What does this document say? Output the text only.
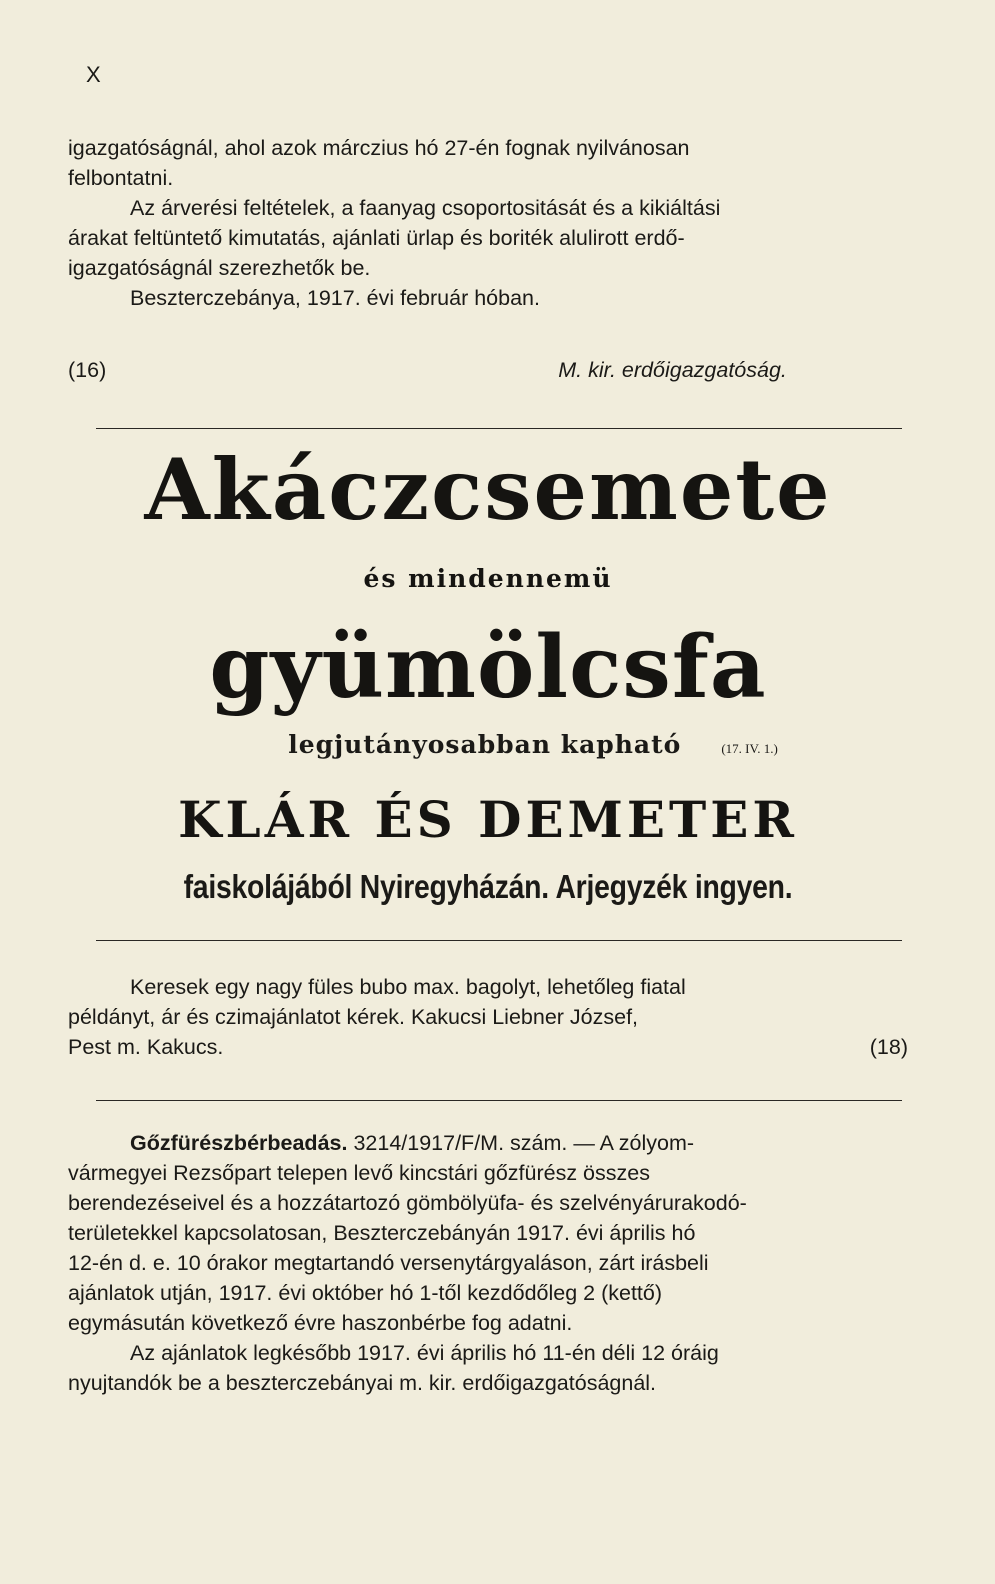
X
igazgatóságnál, ahol azok márczius hó 27-én fognak nyilvánosan
felbontatni.
Az árverési feltételek, a faanyag csoportositását és a kikiáltási
árakat feltüntető kimutatás, ajánlati ürlap és boriték alulirott erdő-
igazgatóságnál szerezhetők be.
Beszterczebánya, 1917. évi február hóban.
(16)	M. kir. erdőigazgatóság.
Akáczcsemete
és mindennemü
gyümölcsfa
legjutányosabban kapható	(17. IV. 1.)
KLÁR ÉS DEMETER
faiskolájából Nyiregyházán. Arjegyzék ingyen.
Keresek egy nagy füles bubo max. bagolyt, lehetőleg fiatal
példányt, ár és czimajánlatot kérek. Kakucsi Liebner József,
Pest m. Kakucs.	(18)
Gőzfürészbérbeadás. 3214/1917/F/M. szám. — A zólyom-
vármegyei Rezsőpart telepen levő kincstári gőzfürész összes
berendezéseivel és a hozzátartozó gömbölyüfa- és szelvényárurakodó-
területekkel kapcsolatosan, Beszterczebányán 1917. évi április hó
12-én d. e. 10 órakor megtartandó versenytárgyaláson, zárt irásbeli
ajánlatok utján, 1917. évi október hó 1-től kezdődőleg 2 (kettő)
egymásután következő évre haszonbérbe fog adatni.
Az ajánlatok legkésőbb 1917. évi április hó 11-én déli 12 óráig
nyujtandók be a beszterczebányai m. kir. erdőigazgatóságnál.
